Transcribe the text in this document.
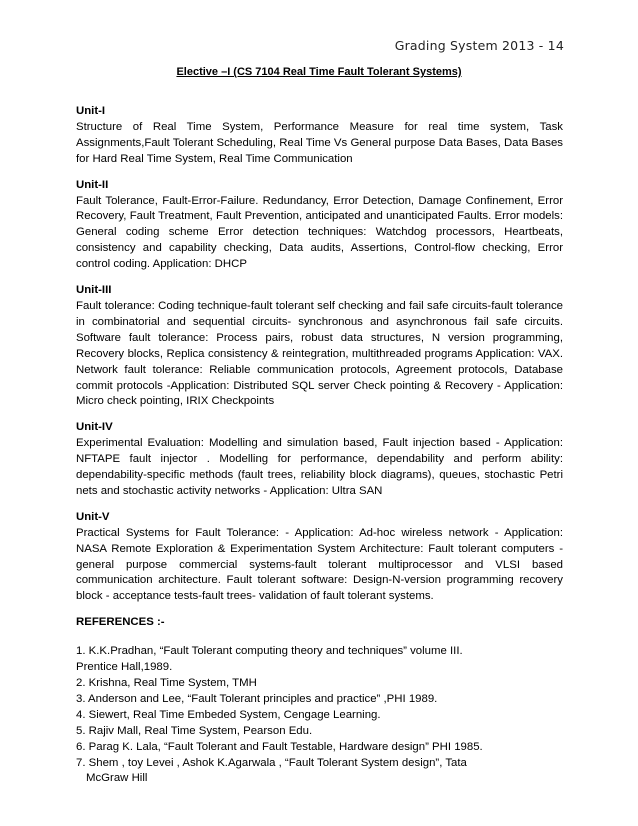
Grading System 2013 - 14
Elective –I (CS 7104 Real Time Fault Tolerant Systems)
Unit-I
Structure of Real Time System, Performance Measure for real time system, Task Assignments,Fault Tolerant Scheduling, Real Time Vs General purpose Data Bases, Data Bases for Hard Real Time System, Real Time Communication
Unit-II
Fault Tolerance, Fault-Error-Failure. Redundancy, Error Detection, Damage Confinement, Error Recovery, Fault Treatment, Fault Prevention, anticipated and unanticipated Faults. Error models: General coding scheme Error detection techniques: Watchdog processors, Heartbeats, consistency and capability checking, Data audits, Assertions, Control-flow checking, Error control coding. Application: DHCP
Unit-III
Fault tolerance: Coding technique-fault tolerant self checking and fail safe circuits-fault tolerance in combinatorial and sequential circuits- synchronous and asynchronous fail safe circuits. Software fault tolerance: Process pairs, robust data structures, N version programming, Recovery blocks, Replica consistency & reintegration, multithreaded programs Application: VAX. Network fault tolerance: Reliable communication protocols, Agreement protocols, Database commit protocols -Application: Distributed SQL server Check pointing & Recovery - Application: Micro check pointing, IRIX Checkpoints
Unit-IV
Experimental Evaluation: Modelling and simulation based, Fault injection based - Application: NFTAPE fault injector . Modelling for performance, dependability and perform ability: dependability-specific methods (fault trees, reliability block diagrams), queues, stochastic Petri nets and stochastic activity networks - Application: Ultra SAN
Unit-V
Practical Systems for Fault Tolerance: - Application: Ad-hoc wireless network - Application: NASA Remote Exploration & Experimentation System Architecture: Fault tolerant computers - general purpose commercial systems-fault tolerant multiprocessor and VLSI based communication architecture. Fault tolerant software: Design-N-version programming recovery block - acceptance tests-fault trees- validation of fault tolerant systems.
REFERENCES :-
1. K.K.Pradhan, “Fault Tolerant computing theory and techniques” volume III.
Prentice Hall,1989.
2. Krishna, Real Time System, TMH
3. Anderson and Lee, “Fault Tolerant principles and practice” ,PHI 1989.
4. Siewert, Real Time Embeded System, Cengage Learning.
5. Rajiv Mall, Real Time System, Pearson Edu.
6. Parag K. Lala, “Fault Tolerant and Fault Testable, Hardware design” PHI 1985.
7. Shem , toy Levei , Ashok K.Agarwala , “Fault Tolerant System design”, Tata
McGraw Hill
